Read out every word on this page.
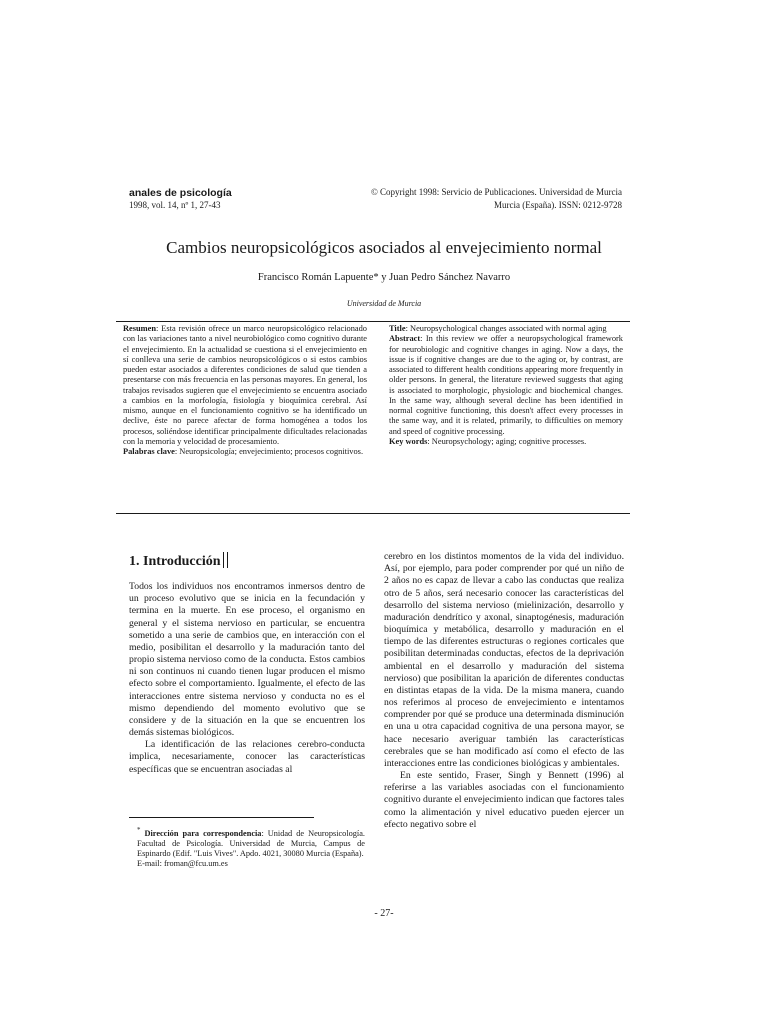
anales de psicología
1998, vol. 14, nº 1, 27-43
© Copyright 1998: Servicio de Publicaciones. Universidad de Murcia
Murcia (España). ISSN: 0212-9728
Cambios neuropsicológicos asociados al envejecimiento normal
Francisco Román Lapuente* y Juan Pedro Sánchez Navarro
Universidad de Murcia

Resumen: Esta revisión ofrece un marco neuropsicológico relacionado con las variaciones tanto a nivel neurobiológico como cognitivo durante el envejecimiento. En la actualidad se cuestiona si el envejecimiento en sí conlleva una serie de cambios neuropsicológicos o si estos cambios pueden estar asociados a diferentes condiciones de salud que tienden a presentarse con más frecuencia en las personas mayores. En general, los trabajos revisados sugieren que el envejecimiento se encuentra asociado a cambios en la morfología, fisiología y bioquímica cerebral. Así mismo, aunque en el funcionamiento cognitivo se ha identificado un declive, éste no parece afectar de forma homogénea a todos los procesos, soliéndose identificar principalmente dificultades relacionadas con la memoria y velocidad de procesamiento.

Palabras clave: Neuropsicología; envejecimiento; procesos cognitivos.

Title: Neuropsychological changes associated with normal aging

Abstract: In this review we offer a neuropsychological framework for neurobiologic and cognitive changes in aging. Now a days, the issue is if cognitive changes are due to the aging or, by contrast, are associated to different health conditions appearing more frequently in older persons. In general, the literature reviewed suggests that aging is associated to morphologic, physiologic and biochemical changes. In the same way, although several decline has been identified in normal cognitive functioning, this doesn't affect every processes in the same way, and it is related, primarily, to difficulties on memory and speed of cognitive processing.

Key words: Neuropsychology; aging; cognitive processes.

1. Introducción

Todos los individuos nos encontramos inmersos dentro de un proceso evolutivo que se inicia en la fecundación y termina en la muerte. En ese proceso, el organismo en general y el sistema nervioso en particular, se encuentra sometido a una serie de cambios que, en interacción con el medio, posibilitan el desarrollo y la maduración tanto del propio sistema nervioso como de la conducta. Estos cambios ni son continuos ni cuando tienen lugar producen el mismo efecto sobre el comportamiento. Igualmente, el efecto de las interacciones entre sistema nervioso y conducta no es el mismo dependiendo del momento evolutivo que se considere y de la situación en la que se encuentren los demás sistemas biológicos.

La identificación de las relaciones cerebro-conducta implica, necesariamente, conocer las características específicas que se encuentran asociadas al

* Dirección para correspondencia: Unidad de Neuropsicología. Facultad de Psicología. Universidad de Murcia, Campus de Espinardo (Edif. "Luis Vives". Apdo. 4021, 30080 Murcia (España).

E-mail: froman@fcu.um.es

cerebro en los distintos momentos de la vida del individuo. Así, por ejemplo, para poder comprender por qué un niño de 2 años no es capaz de llevar a cabo las conductas que realiza otro de 5 años, será necesario conocer las características del desarrollo del sistema nervioso (mielinización, desarrollo y maduración dendrítico y axonal, sinaptogénesis, maduración bioquímica y metabólica, desarrollo y maduración en el tiempo de las diferentes estructuras o regiones corticales que posibilitan determinadas conductas, efectos de la deprivación ambiental en el desarrollo y maduración del sistema nervioso) que posibilitan la aparición de diferentes conductas en distintas etapas de la vida. De la misma manera, cuando nos referimos al proceso de envejecimiento e intentamos comprender por qué se produce una determinada disminución en una u otra capacidad cognitiva de una persona mayor, se hace necesario averiguar también las características cerebrales que se han modificado así como el efecto de las interacciones entre las condiciones biológicas y ambientales.

En este sentido, Fraser, Singh y Bennett (1996) al referirse a las variables asociadas con el funcionamiento cognitivo durante el envejecimiento indican que factores tales como la alimentación y nivel educativo pueden ejercer un efecto negativo sobre el

- 27-
